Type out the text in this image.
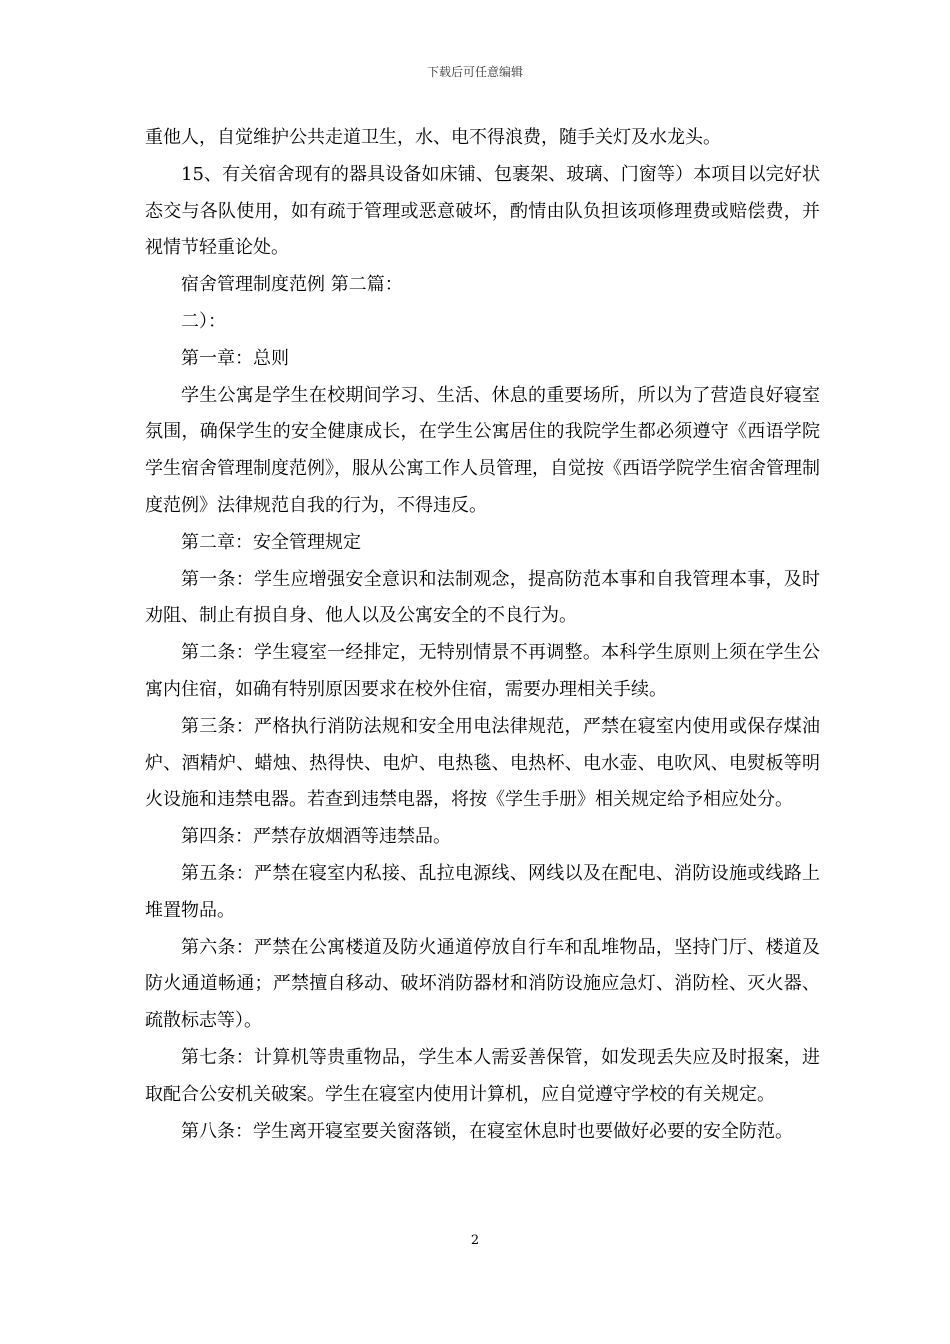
下载后可任意编辑

重他人，自觉维护公共走道卫生，水、电不得浪费，随手关灯及水龙头。

15、有关宿舍现有的器具设备如床铺、包裹架、玻璃、门窗等）本项目以完好状态交与各队使用，如有疏于管理或恶意破坏，酌情由队负担该项修理费或赔偿费，并视情节轻重论处。

宿舍管理制度范例 第二篇：

二）：

第一章：总则

学生公寓是学生在校期间学习、生活、休息的重要场所，所以为了营造良好寝室氛围，确保学生的安全健康成长，在学生公寓居住的我院学生都必须遵守《西语学院学生宿舍管理制度范例》，服从公寓工作人员管理，自觉按《西语学院学生宿舍管理制度范例》法律规范自我的行为，不得违反。

第二章：安全管理规定

第一条：学生应增强安全意识和法制观念，提高防范本事和自我管理本事，及时劝阻、制止有损自身、他人以及公寓安全的不良行为。

第二条：学生寝室一经排定，无特别情景不再调整。本科学生原则上须在学生公寓内住宿，如确有特别原因要求在校外住宿，需要办理相关手续。

第三条：严格执行消防法规和安全用电法律规范，严禁在寝室内使用或保存煤油炉、酒精炉、蜡烛、热得快、电炉、电热毯、电热杯、电水壶、电吹风、电熨板等明火设施和违禁电器。若查到违禁电器，将按《学生手册》相关规定给予相应处分。

第四条：严禁存放烟酒等违禁品。

第五条：严禁在寝室内私接、乱拉电源线、网线以及在配电、消防设施或线路上堆置物品。

第六条：严禁在公寓楼道及防火通道停放自行车和乱堆物品，坚持门厅、楼道及防火通道畅通；严禁擅自移动、破坏消防器材和消防设施应急灯、消防栓、灭火器、疏散标志等）。

第七条：计算机等贵重物品，学生本人需妥善保管，如发现丢失应及时报案，进取配合公安机关破案。学生在寝室内使用计算机，应自觉遵守学校的有关规定。

第八条：学生离开寝室要关窗落锁，在寝室休息时也要做好必要的安全防范。

2
